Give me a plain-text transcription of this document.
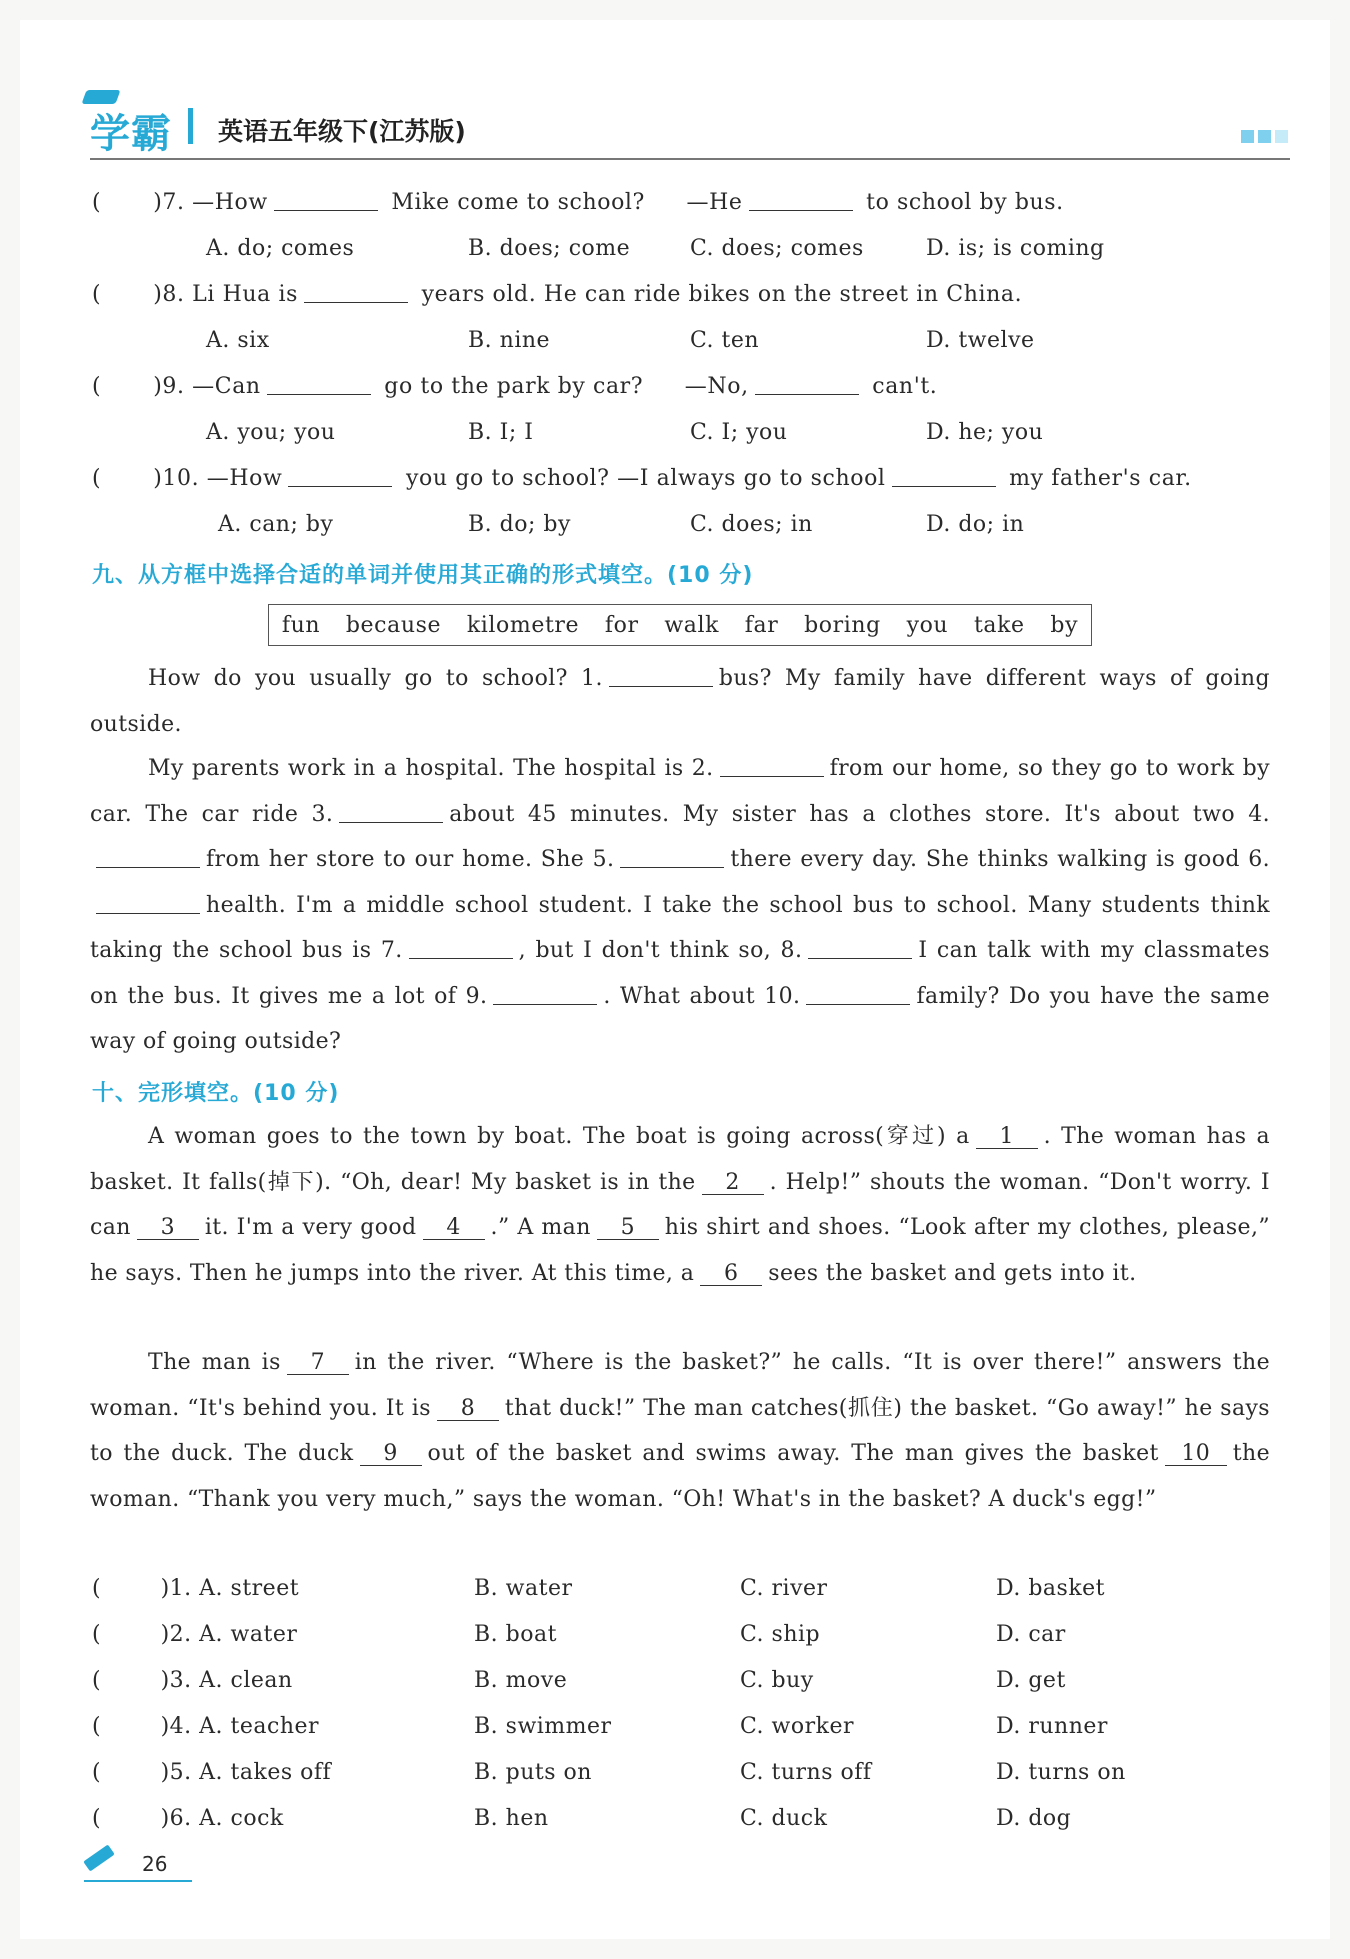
学霸 英语五年级下(江苏版)
( )7. —How	Mike come to school? —He	to school by bus.
A. do; comes	B. does; come	C. does; comes	D. is; is coming
( )8. Li Hua is	years old. He can ride bikes on the street in China.
A. six	B. nine	C. ten	D. twelve
( )9. —Can	go to the park by car? —No,	can't.
A. you; you	B. I; I	C. I; you	D. he; you
( )10. —How	you go to school? —I always go to school	my father's car.
A. can; by	B. do; by	C. does; in	D. do; in
九、从方框中选择合适的单词并使用其正确的形式填空。(10 分)
fun because kilometre for walk far boring you take by
How do you usually go to school? 1.	bus? My family have different ways of going outside.
My parents work in a hospital. The hospital is 2.	from our home, so they go to work by car. The car ride 3.	about 45 minutes. My sister has a clothes store. It's about two 4.from her store to our home. She 5.	there every day. She thinks walking is good 6.health. I'm a middle school student. I take the school bus to school. Many students think taking the school bus is 7.	, but I don't think so, 8.	I can talk with my classmates on the bus. It gives me a lot of 9.	. What about 10.	family? Do you have the same way of going outside?
十、完形填空。(10 分)
A woman goes to the town by boat. The boat is going across(穿过) a 1 . The woman has a basket. It falls(掉下). “Oh, dear! My basket is in the 2 . Help!” shouts the woman. “Don't worry. I can 3 it. I'm a very good 4 .” A man 5 his shirt and shoes. “Look after my clothes, please,” he says. Then he jumps into the river. At this time, a 6 sees the basket and gets into it.
The man is 7 in the river. “Where is the basket?” he calls. “It is over there!” answers the woman. “It's behind you. It is 8 that duck!” The man catches(抓住) the basket. “Go away!” he says to the duck. The duck 9 out of the basket and swims away. The man gives the basket 10 the woman. “Thank you very much,” says the woman. “Oh! What's in the basket? A duck's egg!”
( )1. A. street	B. water	C. river	D. basket
( )2. A. water	B. boat	C. ship	D. car
( )3. A. clean	B. move	C. buy	D. get
( )4. A. teacher	B. swimmer	C. worker	D. runner
( )5. A. takes off	B. puts on	C. turns off	D. turns on
( )6. A. cock	B. hen	C. duck	D. dog
26
